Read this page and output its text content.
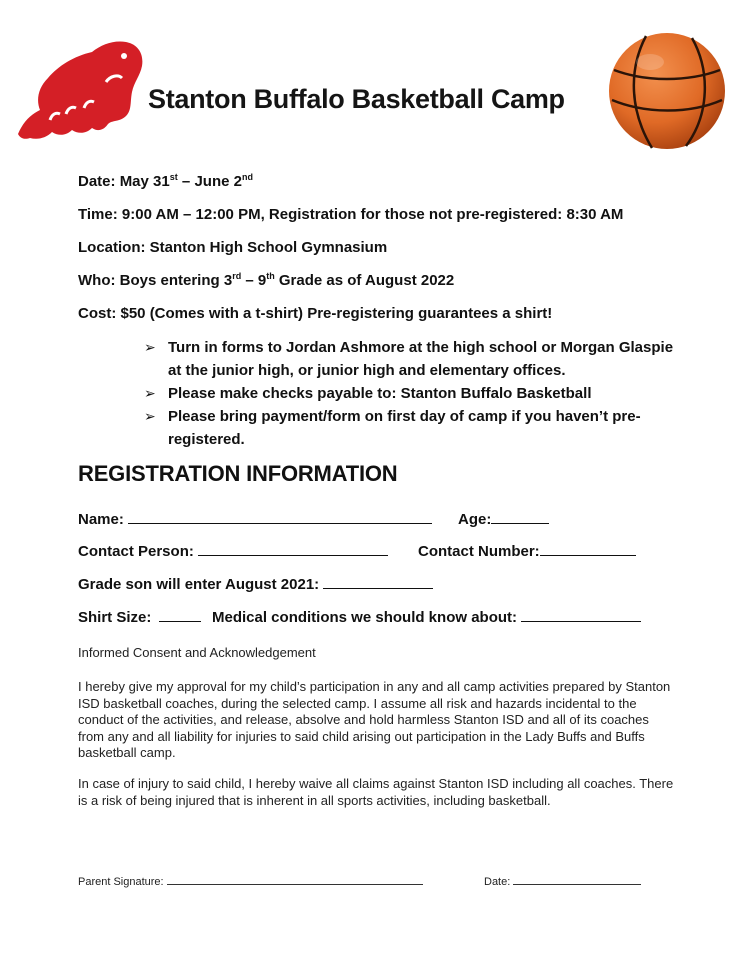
Stanton Buffalo Basketball Camp
Date: May 31st – June 2nd
Time: 9:00 AM – 12:00 PM, Registration for those not pre-registered: 8:30 AM
Location: Stanton High School Gymnasium
Who: Boys entering 3rd – 9th Grade as of August 2022
Cost: $50 (Comes with a t-shirt) Pre-registering guarantees a shirt!
➢ Turn in forms to Jordan Ashmore at the high school or Morgan Glaspie at the junior high, or junior high and elementary offices.
➢ Please make checks payable to: Stanton Buffalo Basketball
➢ Please bring payment/form on first day of camp if you haven’t pre-registered.
REGISTRATION INFORMATION
Name:	Age:
Contact Person:	Contact Number:
Grade son will enter August 2021:
Shirt Size:	Medical conditions we should know about:
Informed Consent and Acknowledgement
I hereby give my approval for my child’s participation in any and all camp activities prepared by Stanton ISD basketball coaches, during the selected camp. I assume all risk and hazards incidental to the conduct of the activities, and release, absolve and hold harmless Stanton ISD and all of its coaches from any and all liability for injuries to said child arising out participation in the Lady Buffs and Buffs basketball camp.
In case of injury to said child, I hereby waive all claims against Stanton ISD including all coaches. There is a risk of being injured that is inherent in all sports activities, including basketball.
Parent Signature:	Date:
